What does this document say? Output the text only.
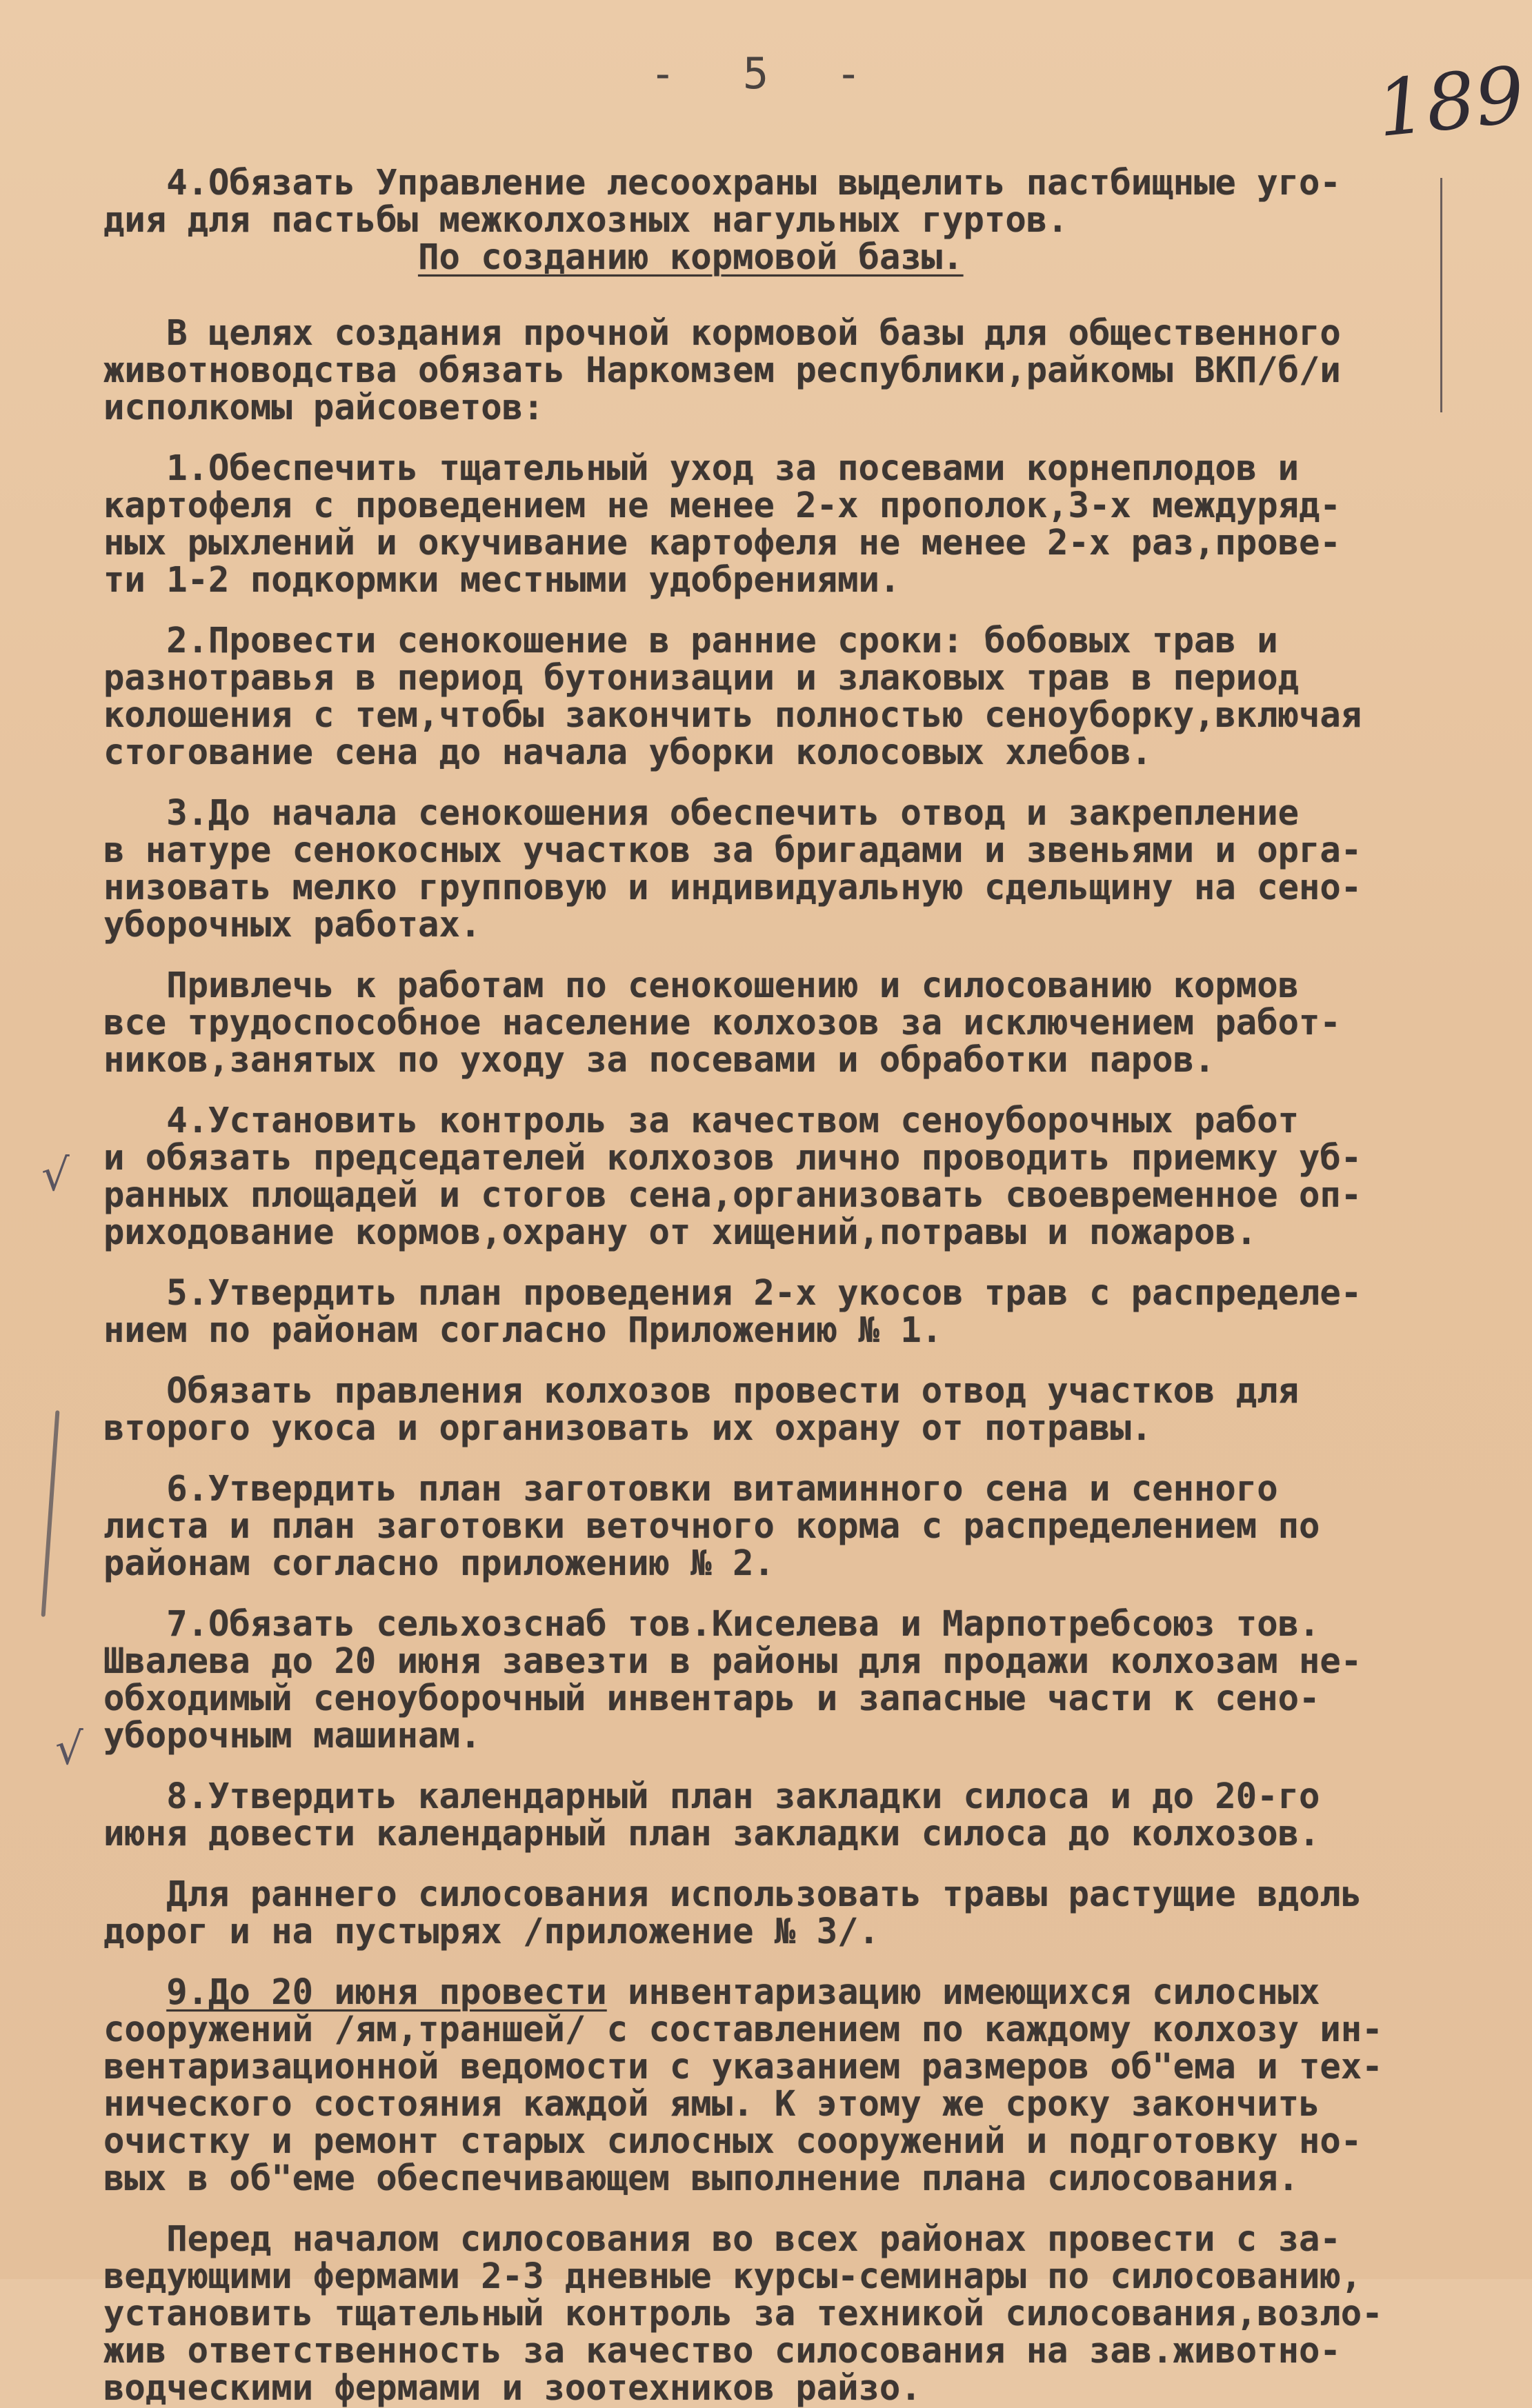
- 5 -	189
√
√
4.Обязать Управление лесоохраны выделить пастбищные уго-
дия для пастьбы межколхозных нагульных гуртов.
По созданию кормовой базы.
В целях создания прочной кормовой базы для общественного
животноводства обязать Наркомзем республики,райкомы ВКП/б/и
исполкомы райсоветов:
1.Обеспечить тщательный уход за посевами корнеплодов и
картофеля с проведением не менее 2-х прополок,3-х междуряд-
ных рыхлений и окучивание картофеля не менее 2-х раз,прове-
ти 1-2 подкормки местными удобрениями.
2.Провести сенокошение в ранние сроки: бобовых трав и
разнотравья в период бутонизации и злаковых трав в период
колошения с тем,чтобы закончить полностью сеноуборку,включая
стогование сена до начала уборки колосовых хлебов.
3.До начала сенокошения обеспечить отвод и закрепление
в натуре сенокосных участков за бригадами и звеньями и орга-
низовать мелко групповую и индивидуальную сдельщину на сено-
уборочных работах.
Привлечь к работам по сенокошению и силосованию кормов
все трудоспособное население колхозов за исключением работ-
ников,занятых по уходу за посевами и обработки паров.
4.Установить контроль за качеством сеноуборочных работ
и обязать председателей колхозов лично проводить приемку уб-
ранных площадей и стогов сена,организовать своевременное оп-
риходование кормов,охрану от хищений,потравы и пожаров.
5.Утвердить план проведения 2-х укосов трав с распределе-
нием по районам согласно Приложению № 1.
Обязать правления колхозов провести отвод участков для
второго укоса и организовать их охрану от потравы.
6.Утвердить план заготовки витаминного сена и сенного
листа и план заготовки веточного корма с распределением по
районам согласно приложению № 2.
7.Обязать сельхозснаб тов.Киселева и Марпотребсоюз тов.
Швалева до 20 июня завезти в районы для продажи колхозам не-
обходимый сеноуборочный инвентарь и запасные части к сено-
уборочным машинам.
8.Утвердить календарный план закладки силоса и до 20-го
июня довести календарный план закладки силоса до колхозов.
Для раннего силосования использовать травы растущие вдоль
дорог и на пустырях /приложение № 3/.
9.До 20 июня провести инвентаризацию имеющихся силосных
сооружений /ям,траншей/ с составлением по каждому колхозу ин-
вентаризационной ведомости с указанием размеров об"ема и тех-
нического состояния каждой ямы. К этому же сроку закончить
очистку и ремонт старых силосных сооружений и подготовку но-
вых в об"еме обеспечивающем выполнение плана силосования.
Перед началом силосования во всех районах провести с за-
ведующими фермами 2-3 дневные курсы-семинары по силосованию,
установить тщательный контроль за техникой силосования,возло-
жив ответственность за качество силосования на зав.животно-
водческими фермами и зоотехников райзо.
